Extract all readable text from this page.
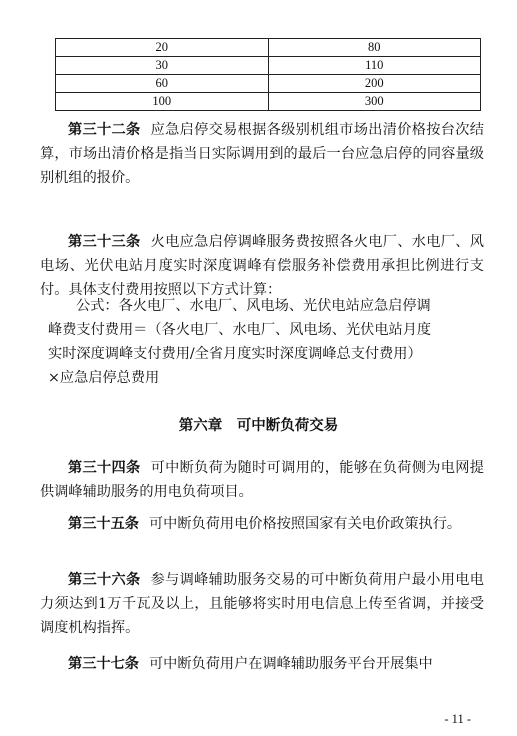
20	80
30	110
60	200
100	300

第三十二条 应急启停交易根据各级别机组市场出清价格按台次结算，市场出清价格是指当日实际调用到的最后一台应急启停的同容量级别机组的报价。

第三十三条 火电应急启停调峰服务费按照各火电厂、水电厂、风电场、光伏电站月度实时深度调峰有偿服务补偿费用承担比例进行支付。具体支付费用按照以下方式计算：

公式：各火电厂、水电厂、风电场、光伏电站应急启停调
峰费支付费用＝（各火电厂、水电厂、风电场、光伏电站月度
实时深度调峰支付费用/全省月度实时深度调峰总支付费用）
×应急启停总费用
第六章　可中断负荷交易

第三十四条 可中断负荷为随时可调用的，能够在负荷侧为电网提供调峰辅助服务的用电负荷项目。

第三十五条 可中断负荷用电价格按照国家有关电价政策执行。

第三十六条 参与调峰辅助服务交易的可中断负荷用户最小用电电力须达到1万千瓦及以上，且能够将实时用电信息上传至省调，并接受调度机构指挥。

第三十七条 可中断负荷用户在调峰辅助服务平台开展集中

- 11 -
